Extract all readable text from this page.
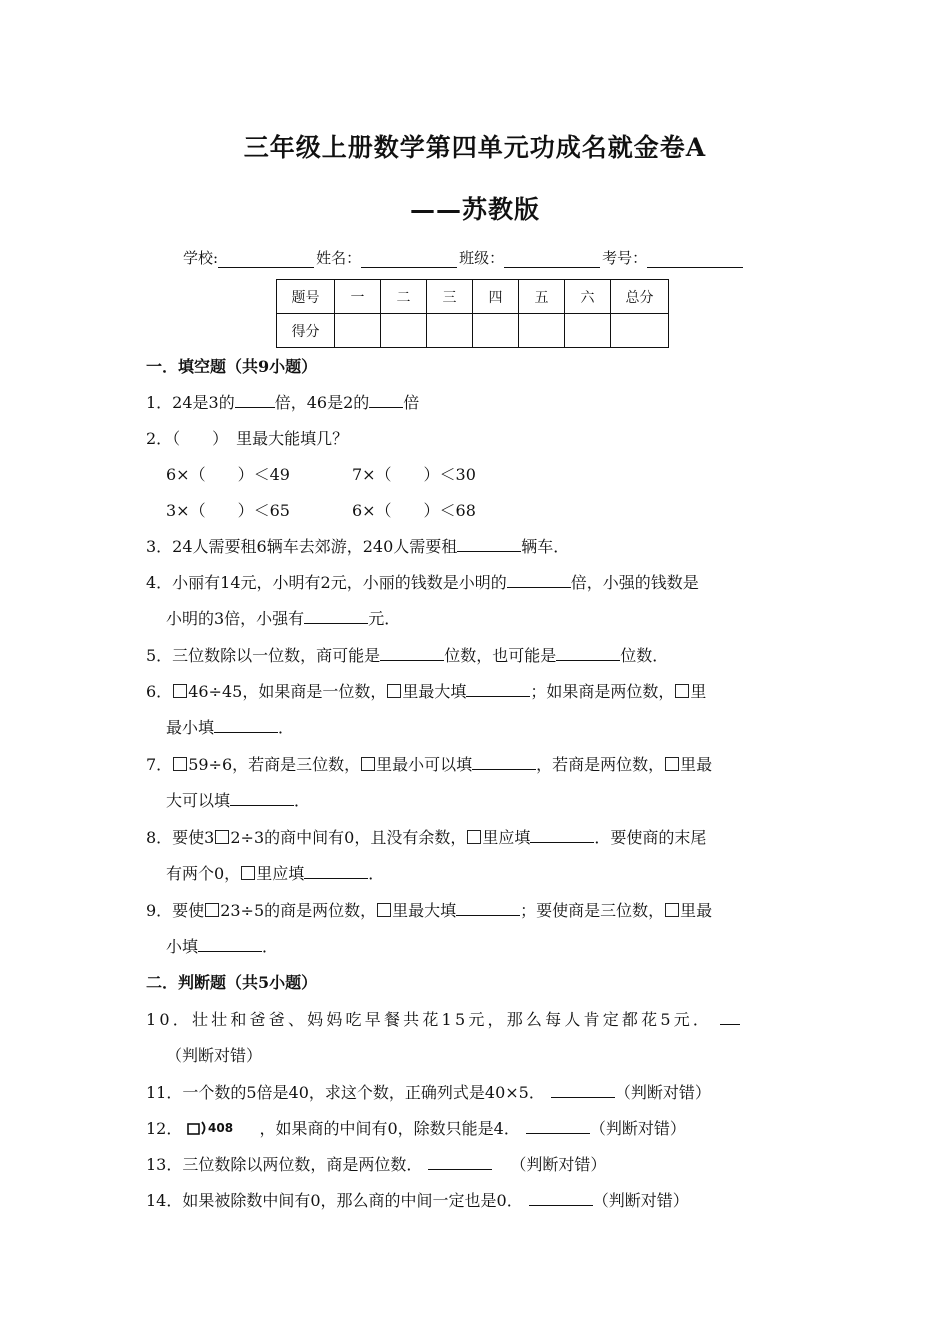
三年级上册数学第四单元功成名就金卷A
——苏教版
学校:	姓名：	班级：	考号：
题号	一	二	三	四	五	六	总分
得分							
一．填空题（共9小题）
1．24是3的	倍，46是2的 倍
2．（　　）　里最大能填几？
6×（　　）＜49	7×（　　）＜30
3×（　　）＜65	6×（　　）＜68
3．24人需要租6辆车去郊游，240人需要租	辆车．
4．小丽有14元，小明有2元，小丽的钱数是小明的	倍，小强的钱数是
小明的3倍，小强有	元．
5．三位数除以一位数，商可能是	位数，也可能是	位数．
6． 46÷45，如果商是一位数， 里最大填	；如果商是两位数， 里
最小填	．
7． 59÷6，若商是三位数， 里最小可以填	，若商是两位数， 里最
大可以填	．
8．要使3 2÷3的商中间有0，且没有余数， 里应填	．要使商的末尾
有两个0， 里应填	．
9．要使 23÷5的商是两位数， 里最大填	；要使商是三位数， 里最
小填	．
二．判断题（共5小题）
10．壮壮和爸爸、妈妈吃早餐共花15元，那么每人肯定都花5元．
（判断对错）
11．一个数的5倍是40，求这个数，正确列式是40×5．	（判断对错）
12． 408 ，如果商的中间有0，除数只能是4．	（判断对错）
13．三位数除以两位数，商是两位数．	（判断对错）
14．如果被除数中间有0，那么商的中间一定也是0．	（判断对错）
